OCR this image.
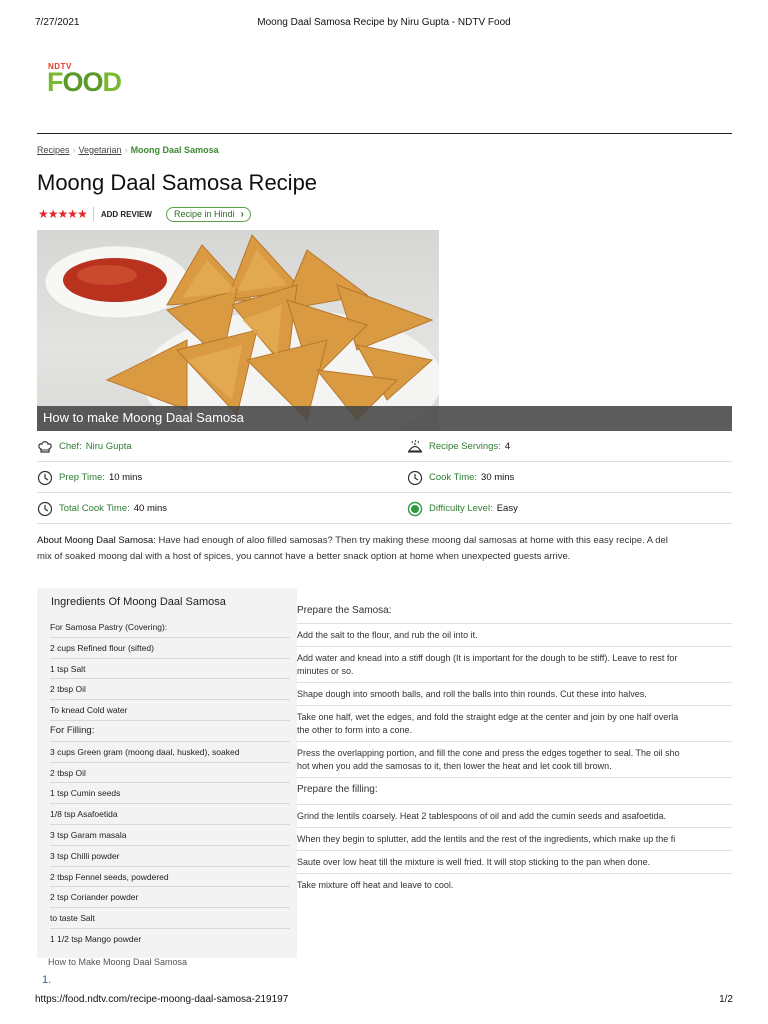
7/27/2021	Moong Daal Samosa Recipe by Niru Gupta - NDTV Food
NDTV
FOOD
Recipes › Vegetarian › Moong Daal Samosa
Moong Daal Samosa Recipe
★ ★ ★ ★ ★ ADD REVIEW Recipe in Hindi ›
How to make Moong Daal Samosa
Chef: Niru Gupta	Recipe Servings: 4
Prep Time: 10 mins	Cook Time: 30 mins
Total Cook Time: 40 mins	Difficulty Level: Easy
About Moong Daal Samosa: Have had enough of aloo filled samosas? Then try making these moong dal samosas at home with this easy recipe. A del
mix of soaked moong dal with a host of spices, you cannot have a better snack option at home when unexpected guests arrive.
Ingredients Of Moong Daal Samosa
For Samosa Pastry (Covering):
2 cups Refined flour (sifted)
1 tsp Salt
2 tbsp Oil
To knead Cold water
For Filling:
3 cups Green gram (moong daal, husked), soaked
2 tbsp Oil
1 tsp Cumin seeds
1/8 tsp Asafoetida
3 tsp Garam masala
3 tsp Chilli powder
2 tbsp Fennel seeds, powdered
2 tsp Coriander powder
to taste Salt
1 1/2 tsp Mango powder
Prepare the Samosa:
Add the salt to the flour, and rub the oil into it.
Add water and knead into a stiff dough (It is important for the dough to be stiff). Leave to rest for
minutes or so.
Shape dough into smooth balls, and roll the balls into thin rounds. Cut these into halves.
Take one half, wet the edges, and fold the straight edge at the center and join by one half overla
the other to form into a cone.
Press the overlapping portion, and fill the cone and press the edges together to seal. The oil sho
hot when you add the samosas to it, then lower the heat and let cook till brown.
Prepare the filling:
Grind the lentils coarsely. Heat 2 tablespoons of oil and add the cumin seeds and asafoetida.
When they begin to splutter, add the lentils and the rest of the ingredients, which make up the fi
Saute over low heat till the mixture is well fried. It will stop sticking to the pan when done.
Take mixture off heat and leave to cool.
How to Make Moong Daal Samosa
1.
https://food.ndtv.com/recipe-moong-daal-samosa-219197	1/2
